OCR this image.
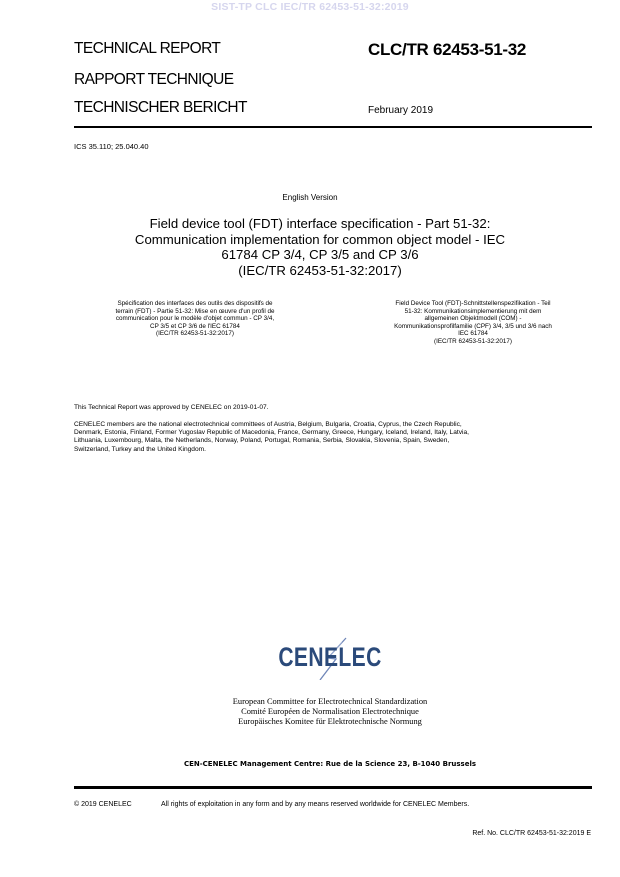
SIST-TP CLC IEC/TR 62453-51-32:2019
TECHNICAL REPORT
RAPPORT TECHNIQUE
TECHNISCHER BERICHT
CLC/TR 62453-51-32
February 2019
ICS 35.110; 25.040.40
English Version
Field device tool (FDT) interface specification - Part 51-32:
Communication implementation for common object model - IEC
61784 CP 3/4, CP 3/5 and CP 3/6
(IEC/TR 62453-51-32:2017)
Spécification des interfaces des outils des dispositifs de
terrain (FDT) - Partie 51-32: Mise en œuvre d'un profil de
communication pour le modèle d'objet commun - CP 3/4,
CP 3/5 et CP 3/6 de l'IEC 61784
(IEC/TR 62453-51-32:2017)
Field Device Tool (FDT)-Schnittstellenspezifikation - Teil
51-32: Kommunikationsimplementierung mit dem
allgemeinen Objektmodell (COM) -
Kommunikationsprofilfamilie (CPF) 3/4, 3/5 und 3/6 nach
IEC 61784
(IEC/TR 62453-51-32:2017)
This Technical Report was approved by CENELEC on 2019-01-07.
CENELEC members are the national electrotechnical committees of Austria, Belgium, Bulgaria, Croatia, Cyprus, the Czech Republic,
Denmark, Estonia, Finland, Former Yugoslav Republic of Macedonia, France, Germany, Greece, Hungary, Iceland, Ireland, Italy, Latvia,
Lithuania, Luxembourg, Malta, the Netherlands, Norway, Poland, Portugal, Romania, Serbia, Slovakia, Slovenia, Spain, Sweden,
Switzerland, Turkey and the United Kingdom.
CENELEC
European Committee for Electrotechnical Standardization
Comité Européen de Normalisation Electrotechnique
Europäisches Komitee für Elektrotechnische Normung
CEN-CENELEC Management Centre: Rue de la Science 23, B-1040 Brussels
© 2019 CENELEC	All rights of exploitation in any form and by any means reserved worldwide for CENELEC Members.
Ref. No. CLC/TR 62453-51-32:2019 E
